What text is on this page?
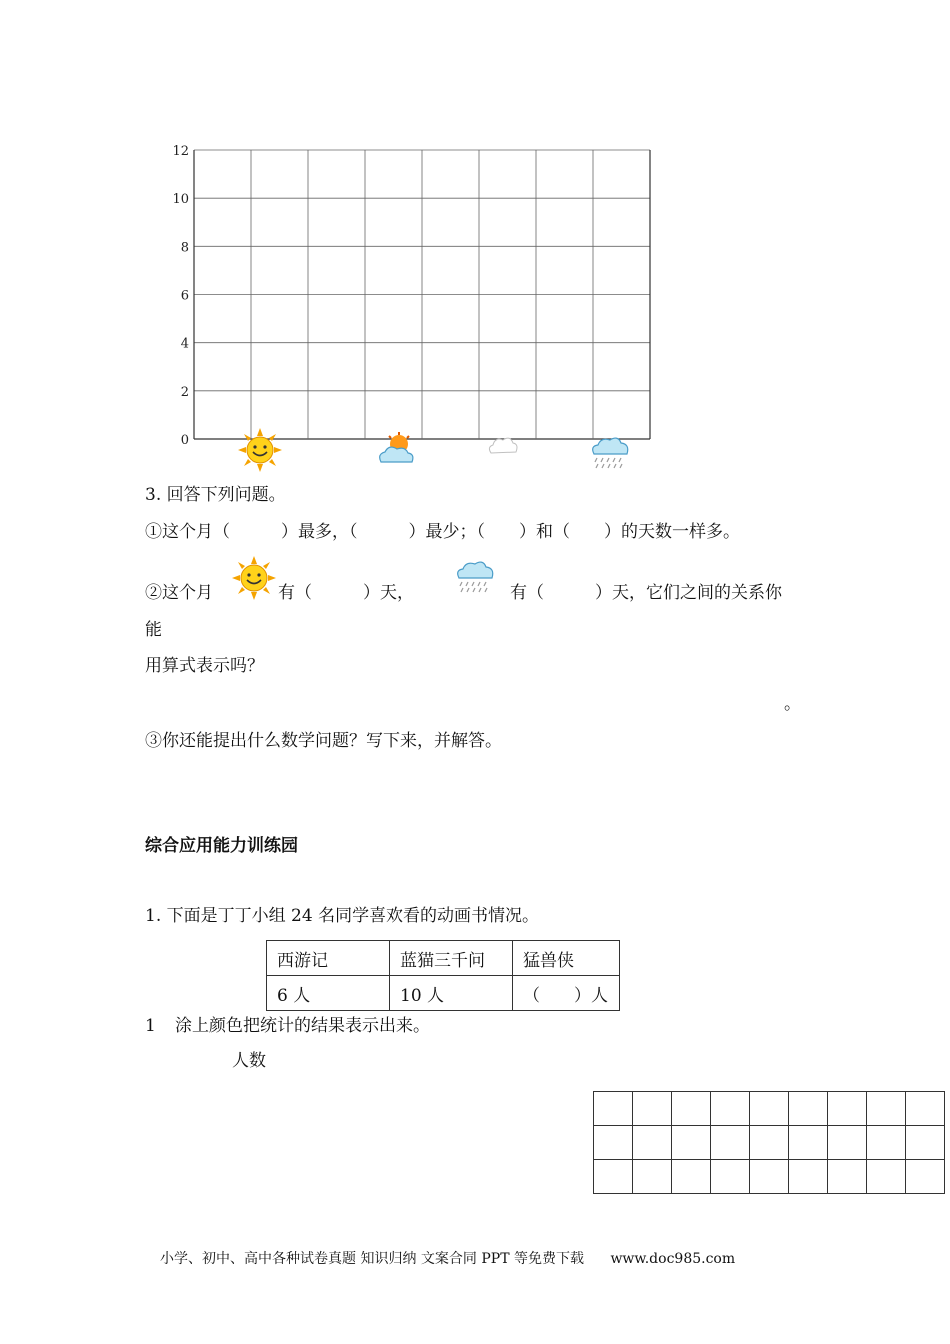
0
2
4
6
8
10
12
3. 回答下列问题。
①这个月（　　　）最多，（　　　）最少；（　　）和（　　）的天数一样多。
②这个月	有（　　　）天，	有（　　　）天，它们之间的关系你
能
用算式表示吗？
。
③你还能提出什么数学问题？写下来，并解答。
综合应用能力训练园
1. 下面是丁丁小组 24 名同学喜欢看的动画书情况。
西游记	蓝猫三千问	猛兽侠
6 人	10 人	（　　）人
1 涂上颜色把统计的结果表示出来。
人数

小学、初中、高中各种试卷真题 知识归纳 文案合同 PPT 等免费下载 www.doc985.com
